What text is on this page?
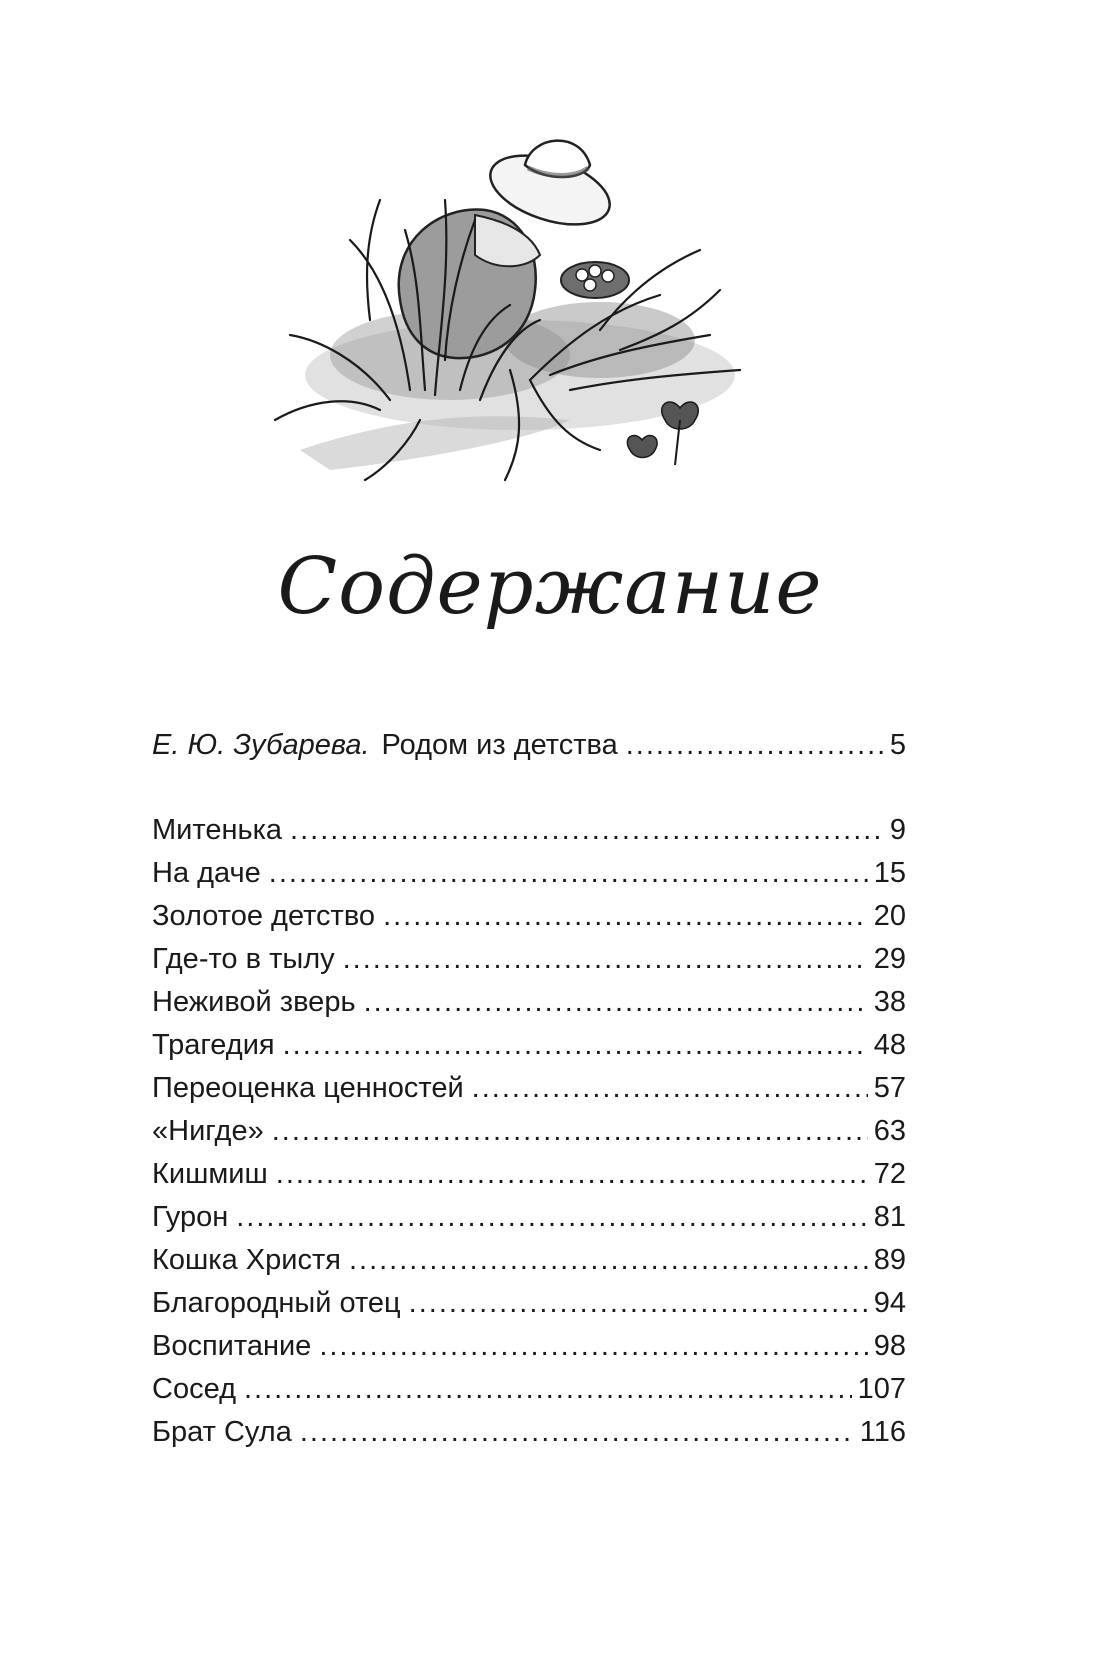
Содержание
Е. Ю. Зубарева. Родом из детства .....	5
Митенька .....	9
На даче .....	15
Золотое детство .....	20
Где-то в тылу .....	29
Неживой зверь .....	38
Трагедия .....	48
Переоценка ценностей .....	57
«Нигде» .....	63
Кишмиш .....	72
Гурон .....	81
Кошка Христя .....	89
Благородный отец .....	94
Воспитание .....	98
Сосед .....	107
Брат Сула .....	116
